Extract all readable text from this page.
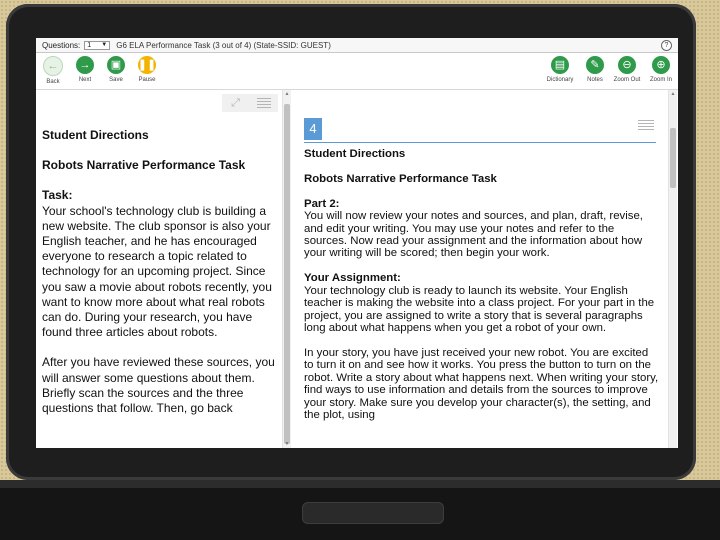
Questions: 1 ▼ G6 ELA Performance Task (3 out of 4) (State-SSID: GUEST)	?
←
Back
→
Next
▣
Save
❚❚
Pause
▤
Dictionary
✎
Notes
⊖
Zoom Out
⊕
Zoom In
⤢
Student Directions
Robots Narrative Performance Task
Task:
Your school's technology club is building a new website. The club sponsor is also your English teacher, and he has encouraged everyone to research a topic related to technology for an upcoming project. Since you saw a movie about robots recently, you want to know more about what real robots can do. During your research, you have found three articles about robots.
After you have reviewed these sources, you will answer some questions about them. Briefly scan the sources and the three questions that follow. Then, go back
▲
▼
4
Student Directions
Robots Narrative Performance Task
Part 2:
You will now review your notes and sources, and plan, draft, revise, and edit your writing. You may use your notes and refer to the sources. Now read your assignment and the information about how your writing will be scored; then begin your work.
Your Assignment:
Your technology club is ready to launch its website. Your English teacher is making the website into a class project. For your part in the project, you are assigned to write a story that is several paragraphs long about what happens when you get a robot of your own.
In your story, you have just received your new robot. You are excited to turn it on and see how it works. You press the button to turn on the robot. Write a story about what happens next. When writing your story, find ways to use information and details from the sources to improve your story. Make sure you develop your character(s), the setting, and the plot, using
▲
